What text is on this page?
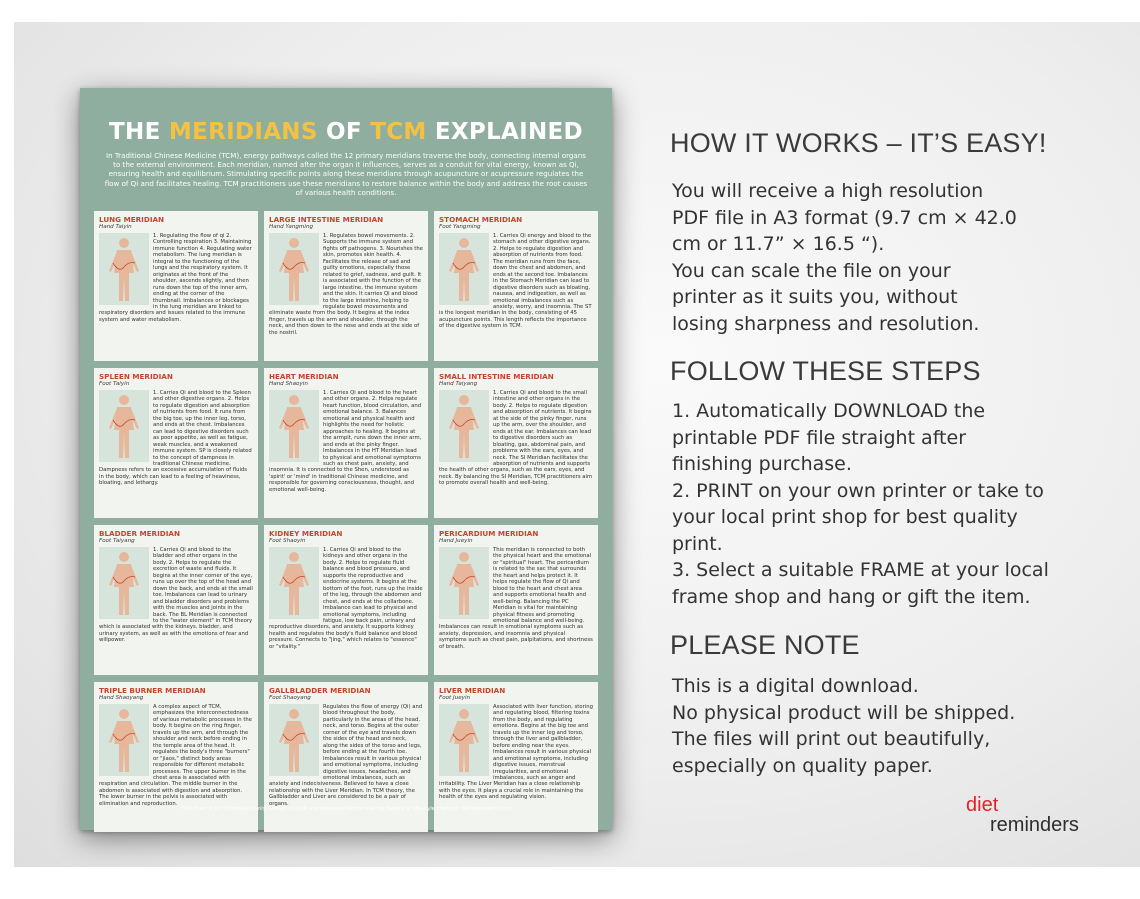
THE MERIDIANS OF TCM EXPLAINED
In Traditional Chinese Medicine (TCM), energy pathways called the 12 primary meridians traverse the body, connecting internal organs to the external environment. Each meridian, named after the organ it influences, serves as a conduit for vital energy, known as Qi, ensuring health and equilibrium. Stimulating specific points along these meridians through acupuncture or acupressure regulates the flow of Qi and facilitates healing. TCM practitioners use these meridians to restore balance within the body and address the root causes of various health conditions.
LUNG MERIDIAN
Hand Taiyin
1. Regulating the flow of qi 2. Controlling respiration 3. Maintaining immune function 4. Regulating water metabolism. The lung meridian is integral to the functioning of the lungs and the respiratory system. It originates at the front of the shoulder, ascends slightly, and then runs down the top of the inner arm, ending at the corner of the thumbnail. Imbalances or blockages in the lung meridian are linked to respiratory disorders and issues related to the immune system and water metabolism.
LARGE INTESTINE MERIDIAN
Hand Yangming
1. Regulates bowel movements. 2. Supports the immune system and fights off pathogens. 3. Nourishes the skin, promotes skin health. 4. Facilitates the release of sad and guilty emotions, especially those related to grief, sadness, and guilt. It is associated with the function of the large intestine, the immune system and the skin. It carries Qi and blood to the large intestine, helping to regulate bowel movements and eliminate waste from the body. It begins at the index finger, travels up the arm and shoulder, through the neck, and then down to the nose and ends at the side of the nostril.
STOMACH MERIDIAN
Foot Yangming
1. Carries Qi energy and blood to the stomach and other digestive organs. 2. Helps to regulate digestion and absorption of nutrients from food. The meridian runs from the face, down the chest and abdomen, and ends at the second toe. Imbalances in the Stomach Meridian can lead to digestive disorders such as bloating, nausea, and indigestion, as well as emotional imbalances such as anxiety, worry, and insomnia. The ST is the longest meridian in the body, consisting of 45 acupuncture points. This length reflects the importance of the digestive system in TCM.
SPLEEN MERIDIAN
Foot Taiyin
1. Carries Qi and blood to the Spleen and other digestive organs. 2. Helps to regulate digestion and absorption of nutrients from food. It runs from the big toe, up the inner leg, torso, and ends at the chest. Imbalances can lead to digestive disorders such as poor appetite, as well as fatigue, weak muscles, and a weakened immune system. SP is closely related to the concept of dampness in traditional Chinese medicine. Dampness refers to an excessive accumulation of fluids in the body, which can lead to a feeling of heaviness, bloating, and lethargy.
HEART MERIDIAN
Hand Shaoyin
1. Carries Qi and blood to the heart and other organs. 2. Helps regulate heart function, blood circulation, and emotional balance. 3. Balances emotional and physical health and highlights the need for holistic approaches to healing. It begins at the armpit, runs down the inner arm, and ends at the pinky finger. Imbalances in the HT Meridian lead to physical and emotional symptoms such as chest pain, anxiety, and insomnia. It is connected to the Shen, understood as 'spirit' or 'mind' in traditional Chinese medicine, and responsible for governing consciousness, thought, and emotional well-being.
SMALL INTESTINE MERIDIAN
Hand Taiyang
1. Carries Qi and blood to the small intestine and other organs in the body. 2. Helps to regulate digestion and absorption of nutrients. It begins at the side of the pinky finger, runs up the arm, over the shoulder, and ends at the ear. Imbalances can lead to digestive disorders such as bloating, gas, abdominal pain, and problems with the ears, eyes, and neck. The SI Meridian facilitates the absorption of nutrients and supports the health of other organs, such as the ears, eyes, and neck. By balancing the SI Meridian, TCM practitioners aim to promote overall health and well-being.
BLADDER MERIDIAN
Foot Taiyang
1. Carries Qi and blood to the bladder and other organs in the body. 2. Helps to regulate the excretion of waste and fluids. It begins at the inner corner of the eye, runs up over the top of the head and down the back, and ends at the small toe. Imbalances can lead to urinary and bladder disorders and problems with the muscles and joints in the back. The BL Meridian is connected to the "water element" in TCM theory which is associated with the kidneys, bladder, and urinary system, as well as with the emotions of fear and willpower.
KIDNEY MERIDIAN
Foot Shaoyin
1. Carries Qi and blood to the kidneys and other organs in the body. 2. Helps to regulate fluid balance and blood pressure, and supports the reproductive and endocrine systems. It begins at the bottom of the foot, runs up the inside of the leg, through the abdomen and chest, and ends at the collarbone. Imbalance can lead to physical and emotional symptoms, including fatigue, low back pain, urinary and reproductive disorders, and anxiety. It supports kidney health and regulates the body's fluid balance and blood pressure. Connects to "jing," which relates to "essence" or "vitality."
PERICARDIUM MERIDIAN
Hand Jueyin
This meridian is connected to both the physical heart and the emotional or "spiritual" heart. The pericardium is related to the sac that surrounds the heart and helps protect it. It helps regulate the flow of Qi and blood to the heart and chest area and supports emotional health and well-being. Balancing the PC Meridian is vital for maintaining physical fitness and promoting emotional balance and well-being. Imbalances can result in emotional symptoms such as anxiety, depression, and insomnia and physical symptoms such as chest pain, palpitations, and shortness of breath.
TRIPLE BURNER MERIDIAN
Hand Shaoyang
A complex aspect of TCM, emphasizes the interconnectedness of various metabolic processes in the body. It begins on the ring finger, travels up the arm, and through the shoulder and neck before ending in the temple area of the head. It regulates the body's three "burners" or "jiaos," distinct body areas responsible for different metabolic processes. The upper burner in the chest area is associated with respiration and circulation. The middle burner in the abdomen is associated with digestion and absorption. The lower burner in the pelvis is associated with elimination and reproduction.
GALLBLADDER MERIDIAN
Foot Shaoyang
Regulates the flow of energy (Qi) and blood throughout the body, particularly in the areas of the head, neck, and torso. Begins at the outer corner of the eye and travels down the sides of the head and neck, along the sides of the torso and legs, before ending at the fourth toe. Imbalances result in various physical and emotional symptoms, including digestive issues, headaches, and emotional imbalances, such as anxiety and indecisiveness. Believed to have a close relationship with the Liver Meridian. In TCM theory, the Gallbladder and Liver are considered to be a pair of organs.
LIVER MERIDIAN
Foot Jueyin
Associated with liver function, storing and regulating blood, filtering toxins from the body, and regulating emotions. Begins at the big toe and travels up the inner leg and torso, through the liver and gallbladder, before ending near the eyes. Imbalances result in various physical and emotional symptoms, including digestive issues, menstrual irregularities, and emotional imbalances, such as anger and irritability. The Liver Meridian has a close relationship with the eyes. It plays a crucial role in maintaining the health of the eyes and regulating vision.
This chart is for information only. Always consult a professional before making dietary or life-style changes. dietreminders.com
HOW IT WORKS – IT’S EASY!

You will receive a high resolution

PDF file in A3 format (9.7 cm × 42.0

cm or 11.7” × 16.5 “).

You can scale the file on your

printer as it suits you, without

losing sharpness and resolution.

FOLLOW THESE STEPS

1. Automatically DOWNLOAD the

printable PDF file straight after

finishing purchase.

2. PRINT on your own printer or take to

your local print shop for best quality

print.

3. Select a suitable FRAME at your local

frame shop and hang or gift the item.

PLEASE NOTE

This is a digital download.

No physical product will be shipped.

The files will print out beautifully,

especially on quality paper.

diet
reminders
